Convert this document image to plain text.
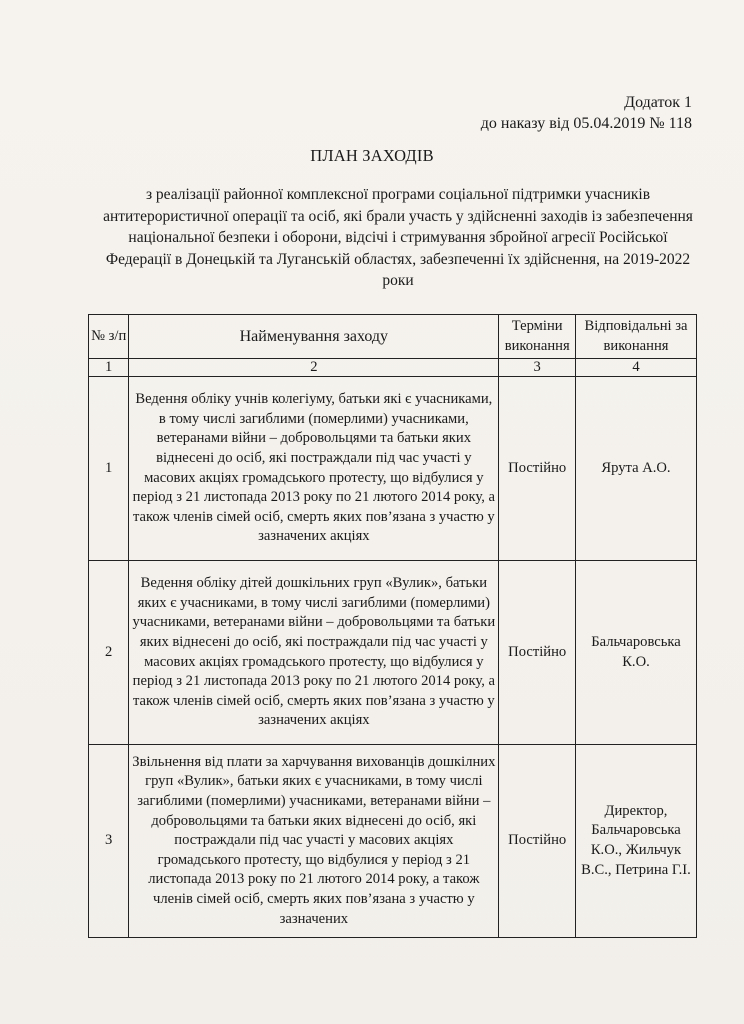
Додаток 1
до наказу від 05.04.2019 № 118
ПЛАН ЗАХОДІВ
з реалізації районної комплексної програми соціальної підтримки учасників антитерористичної операції та осіб, які брали участь у здійсненні заходів із забезпечення національної безпеки і оборони, відсічі і стримування збройної агресії Російської Федерації в Донецькій та Луганській областях, забезпеченні їх здійснення, на 2019-2022 роки
№ з/п	Найменування заходу	Терміни виконання	Відповідальні за виконання
1	2	3	4
1	Ведення обліку учнів колегіуму, батьки які є учасниками, в тому числі загиблими (померлими) учасниками, ветеранами війни – добровольцями та батьки яких віднесені до осіб, які постраждали під час участі у масових акціях громадського протесту, що відбулися у період з 21 листопада 2013 року по 21 лютого 2014 року, а також членів сімей осіб, смерть яких пов’язана з участю у зазначених акціях	Постійно	Ярута А.О.
2	Ведення обліку дітей дошкільних груп «Вулик», батьки яких є учасниками, в тому числі загиблими (померлими) учасниками, ветеранами війни – добровольцями та батьки яких віднесені до осіб, які постраждали під час участі у масових акціях громадського протесту, що відбулися у період з 21 листопада 2013 року по 21 лютого 2014 року, а також членів сімей осіб, смерть яких пов’язана з участю у зазначених акціях	Постійно	Бальчаровська К.О.
3	Звільнення від плати за харчування вихованців дошкілних груп «Вулик», батьки яких є учасниками, в тому числі загиблими (померлими) учасниками, ветеранами війни – добровольцями та батьки яких віднесені до осіб, які постраждали під час участі у масових акціях громадського протесту, що відбулися у період з 21 листопада 2013 року по 21 лютого 2014 року, а також членів сімей осіб, смерть яких пов’язана з участю у зазначених	Постійно	Директор, Бальчаровська К.О., Жильчук В.С., Петрина Г.І.
